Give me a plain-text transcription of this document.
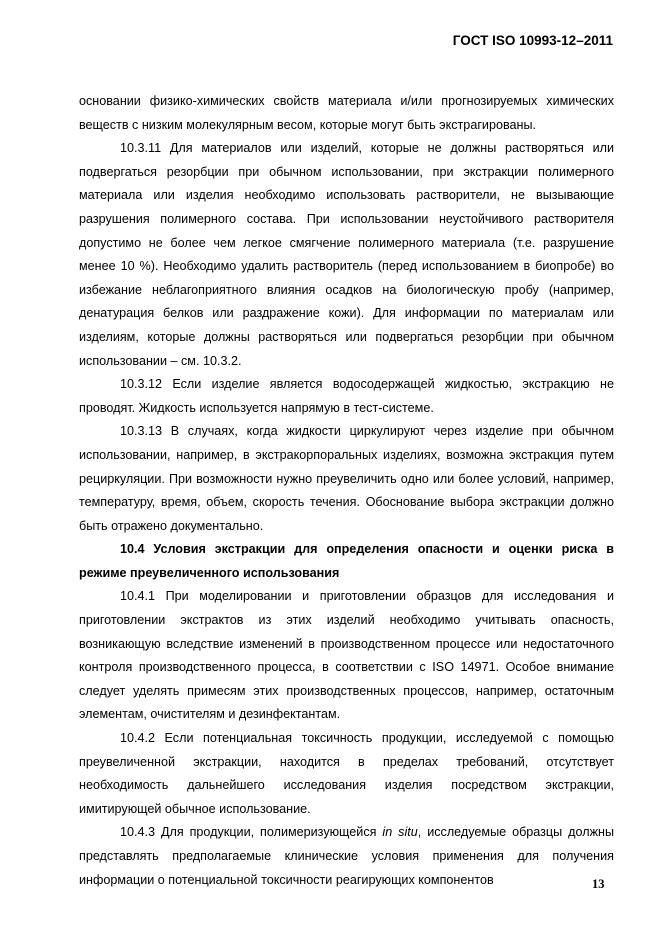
ГОСТ ISO 10993-12–2011

основании физико-химических свойств материала и/или прогнозируемых химических веществ с низким молекулярным весом, которые могут быть экстрагированы.

10.3.11 Для материалов или изделий, которые не должны растворяться или подвергаться резорбции при обычном использовании, при экстракции полимерного материала или изделия необходимо использовать растворители, не вызывающие разрушения полимерного состава. При использовании неустойчивого растворителя допустимо не более чем легкое смягчение полимерного материала (т.е. разрушение менее 10 %). Необходимо удалить растворитель (перед использованием в биопробе) во избежание неблагоприятного влияния осадков на биологическую пробу (например, денатурация белков или раздражение кожи). Для информации по материалам или изделиям, которые должны растворяться или подвергаться резорбции при обычном использовании – см. 10.3.2.

10.3.12 Если изделие является водосодержащей жидкостью, экстракцию не проводят. Жидкость используется напрямую в тест-системе.

10.3.13 В случаях, когда жидкости циркулируют через изделие при обычном использовании, например, в экстракорпоральных изделиях, возможна экстракция путем рециркуляции. При возможности нужно преувеличить одно или более условий, например, температуру, время, объем, скорость течения. Обоснование выбора экстракции должно быть отражено документально.

10.4 Условия экстракции для определения опасности и оценки риска в режиме преувеличенного использования

10.4.1 При моделировании и приготовлении образцов для исследования и приготовлении экстрактов из этих изделий необходимо учитывать опасность, возникающую вследствие изменений в производственном процессе или недостаточного контроля производственного процесса, в соответствии с ISO 14971. Особое внимание следует уделять примесям этих производственных процессов, например, остаточным элементам, очистителям и дезинфектантам.

10.4.2 Если потенциальная токсичность продукции, исследуемой с помощью преувеличенной экстракции, находится в пределах требований, отсутствует необходимость дальнейшего исследования изделия посредством экстракции, имитирующей обычное использование.

10.4.3 Для продукции, полимеризующейся in situ, исследуемые образцы должны представлять предполагаемые клинические условия применения для получения информации о потенциальной токсичности реагирующих компонентов	13
